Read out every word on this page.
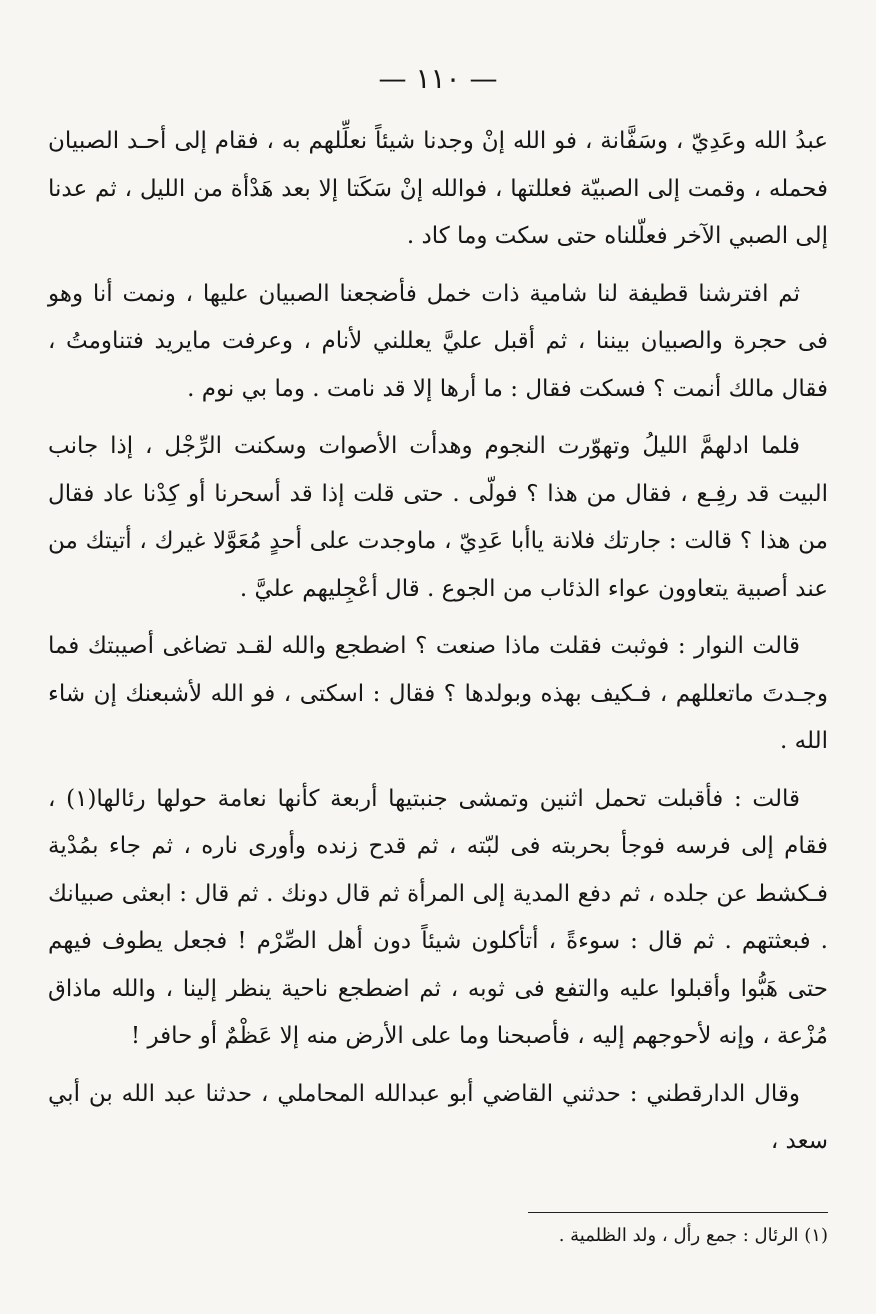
— ١١٠ —

عبدُ الله وعَدِيّ ، وسَفَّانة ، فو الله إنْ وجدنا شيئاً نعلِّلهم به ، فقام إلى أحـد الصبيان فحمله ، وقمت إلى الصبيّة فعللتها ، فوالله إنْ سَكَتا إلا بعد هَدْأة من الليل ، ثم عدنا إلى الصبي الآخر فعلّلناه حتى سكت وما كاد .

ثم افترشنا قطيفة لنا شامية ذات خمل فأضجعنا الصبيان عليها ، ونمت أنا وهو فى حجرة والصبيان بيننا ، ثم أقبل عليَّ يعللني لأنام ، وعرفت مايريد فتناومتُ ، فقال مالك أنمت ؟ فسكت فقال : ما أرها إلا قد نامت . وما بي نوم .

فلما ادلهمَّ الليلُ وتهوّرت النجوم وهدأت الأصوات وسكنت الرِّجْل ، إذا جانب البيت قد رفِـع ، فقال من هذا ؟ فولّى . حتى قلت إذا قد أسحرنا أو كِدْنا عاد فقال من هذا ؟ قالت : جارتك فلانة ياأبا عَدِيّ ، ماوجدت على أحدٍ مُعَوَّلا غيرك ، أتيتك من عند أصبية يتعاوون عواء الذئاب من الجوع . قال أعْجِليهم عليَّ .

قالت النوار : فوثبت فقلت ماذا صنعت ؟ اضطجع والله لقـد تضاغى أصيبتك فما وجـدتَ ماتعللهم ، فـكيف بهذه وبولدها ؟ فقال : اسكتى ، فو الله لأشبعنك إن شاء الله .

قالت : فأقبلت تحمل اثنين وتمشى جنبتيها أربعة كأنها نعامة حولها رئالها(١) ، فقام إلى فرسه فوجأ بحربته فى لبّته ، ثم قدح زنده وأورى ناره ، ثم جاء بمُدْية فـكشط عن جلده ، ثم دفع المدية إلى المرأة ثم قال دونك . ثم قال : ابعثى صبيانك . فبعثتهم . ثم قال : سوءةً ، أتأكلون شيئاً دون أهل الصِّرْم ! فجعل يطوف فيهم حتى هَبُّوا وأقبلوا عليه والتفع فى ثوبه ، ثم اضطجع ناحية ينظر إلينا ، والله ماذاق مُزْعة ، وإنه لأحوجهم إليه ، فأصبحنا وما على الأرض منه إلا عَظْمٌ أو حافر !

وقال الدارقطني : حدثني القاضي أبو عبدالله المحاملي ، حدثنا عبد الله بن أبي سعد ،

(١) الرئال : جمع رأل ، ولد الظلمية .
